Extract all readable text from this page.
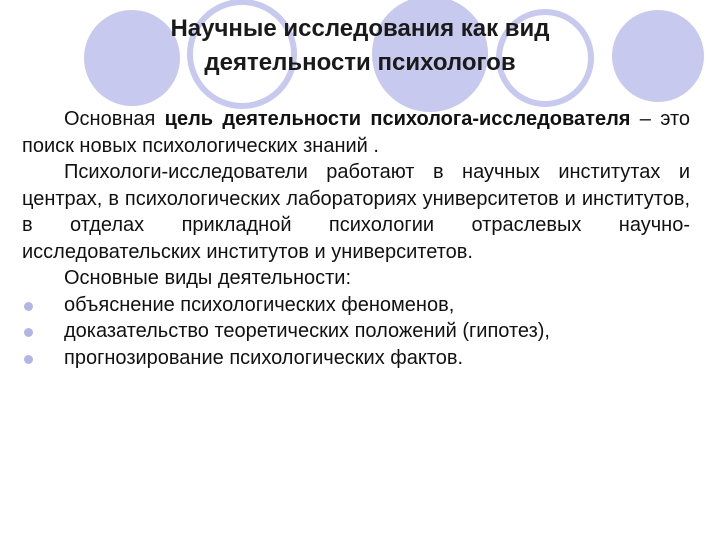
Научные исследования как вид
деятельности психологов

Основная цель деятельности психолога-исследователя – это поиск новых психологических знаний .

Психологи-исследователи работают в научных институтах и центрах, в психологических лабораториях университетов и институтов, в отделах прикладной психологии отраслевых научно-исследовательских институтов и университетов.

Основные виды деятельности:

объяснение психологических феноменов,
доказательство теоретических положений (гипотез),
прогнозирование психологических фактов.
